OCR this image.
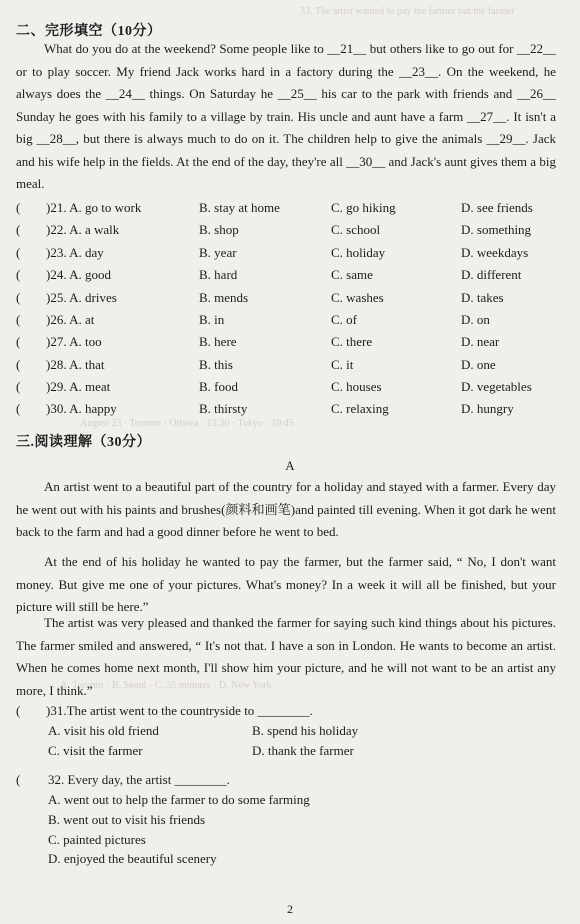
33. The artist wanted to pay the farmer but the farmer
August 23 · Toronto · Ottawa · 13:30 · Tokyo · 10:45
A. Toronto · B. Seoul · C. 35 minutes · D. New York
二、完形填空（10分）
What do you do at the weekend? Some people like to __21__ but others like to go out for __22__ or to play soccer. My friend Jack works hard in a factory during the __23__. On the weekend, he always does the __24__ things. On Saturday he __25__ his car to the park with friends and __26__ Sunday he goes with his family to a village by train. His uncle and aunt have a farm __27__. It isn't a big __28__, but there is always much to do on it. The children help to give the animals __29__. Jack and his wife help in the fields. At the end of the day, they're all __30__ and Jack's aunt gives them a big meal.
( )21. A. go to work	B. stay at home	C. go hiking	D. see friends
( )22. A. a walk	B. shop	C. school	D. something
( )23. A. day	B. year	C. holiday	D. weekdays
( )24. A. good	B. hard	C. same	D. different
( )25. A. drives	B. mends	C. washes	D. takes
( )26. A. at	B. in	C. of	D. on
( )27. A. too	B. here	C. there	D. near
( )28. A. that	B. this	C. it	D. one
( )29. A. meat	B. food	C. houses	D. vegetables
( )30. A. happy	B. thirsty	C. relaxing	D. hungry
三.阅读理解（30分）
A
An artist went to a beautiful part of the country for a holiday and stayed with a farmer. Every day he went out with his paints and brushes(颜料和画笔)and painted till evening. When it got dark he went back to the farm and had a good dinner before he went to bed.
At the end of his holiday he wanted to pay the farmer, but the farmer said, “ No, I don't want money. But give me one of your pictures. What's money? In a week it will all be finished, but your picture will still be here.”
The artist was very pleased and thanked the farmer for saying such kind things about his pictures. The farmer smiled and answered, “ It's not that. I have a son in London. He wants to become an artist. When he comes home next month, I'll show him your picture, and he will not want to be an artist any more, I think.”
( )31.The artist went to the countryside to ________.
A. visit his old friend	B. spend his holiday
C. visit the farmer	D. thank the farmer
( 32. Every day, the artist ________.
A. went out to help the farmer to do some farming
B. went out to visit his friends
C. painted pictures
D. enjoyed the beautiful scenery
2
